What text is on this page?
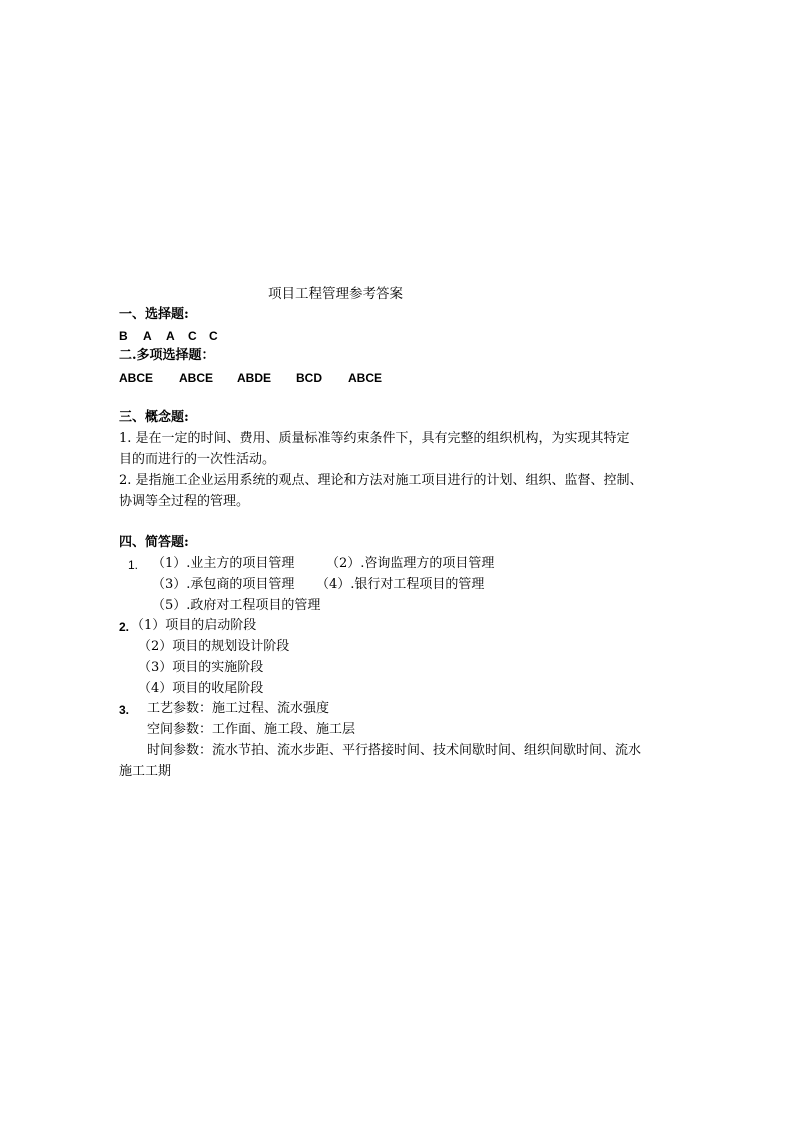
项目工程管理参考答案
一、选择题:
B A A C C
二.多项选择题：
ABCE ABCE ABDE BCD ABCE
三、概念题:
1. 是在一定的时间、费用、质量标准等约束条件下，具有完整的组织机构，为实现其特定
目的而进行的一次性活动。
2. 是指施工企业运用系统的观点、理论和方法对施工项目进行的计划、组织、监督、控制、
协调等全过程的管理。
四、简答题:
1. （1）.业主方的项目管理 （2）.咨询监理方的项目管理
（3）.承包商的项目管理 （4）.银行对工程项目的管理
（5）.政府对工程项目的管理
2. （1）项目的启动阶段
（2）项目的规划设计阶段
（3）项目的实施阶段
（4）项目的收尾阶段
3. 工艺参数：施工过程、流水强度
空间参数：工作面、施工段、施工层
时间参数：流水节拍、流水步距、平行搭接时间、技术间歇时间、组织间歇时间、流水
施工工期
